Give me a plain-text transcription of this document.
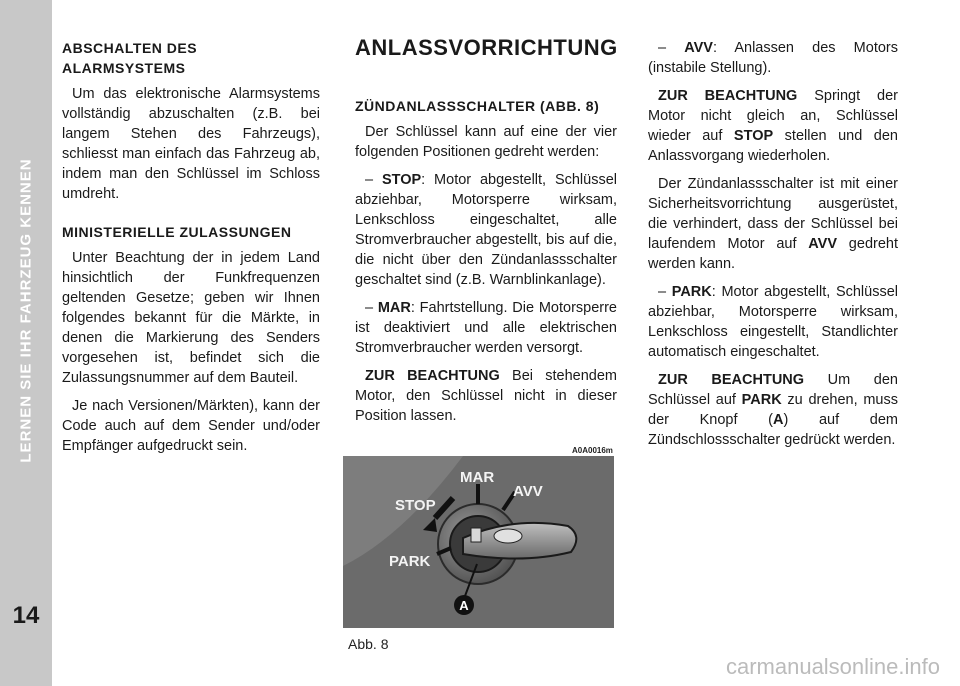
LERNEN SIE IHR FAHRZEUG KENNEN
14
ABSCHALTEN DES ALARMSYSTEMS

Um das elektronische Alarmsystems vollständig abzuschalten (z.B. bei langem Stehen des Fahrzeugs), schliesst man einfach das Fahrzeug ab, indem man den Schlüssel im Schloss umdreht.

MINISTERIELLE ZULASSUNGEN

Unter Beachtung der in jedem Land hinsichtlich der Funkfrequenzen geltenden Gesetze; geben wir Ihnen folgendes bekannt für die Märkte, in denen die Markierung des Senders vorgesehen ist, befindet sich die Zulassungsnummer auf dem Bauteil.

Je nach Versionen/Märkten), kann der Code auch auf dem Sender und/oder Empfänger aufgedruckt sein.

ANLASSVORRICHTUNG
ZÜNDANLASSSCHALTER (ABB. 8)

Der Schlüssel kann auf eine der vier folgenden Positionen gedreht werden:

– STOP: Motor abgestellt, Schlüssel abziehbar, Motorsperre wirksam, Lenkschloss eingeschaltet, alle Stromverbraucher abgestellt, bis auf die, die nicht über den Zündanlassschalter geschaltet sind (z.B. Warnblinkanlage).

– MAR: Fahrtstellung. Die Motorsperre ist deaktiviert und alle elektrischen Stromverbraucher werden versorgt.

ZUR BEACHTUNG Bei stehendem Motor, den Schlüssel nicht in dieser Position lassen.

– AVV: Anlassen des Motors (instabile Stellung).

ZUR BEACHTUNG Springt der Motor nicht gleich an, Schlüssel wieder auf STOP stellen und den Anlassvorgang wiederholen.

Der Zündanlassschalter ist mit einer Sicherheitsvorrichtung ausgerüstet, die verhindert, dass der Schlüssel bei laufendem Motor auf AVV gedreht werden kann.

– PARK: Motor abgestellt, Schlüssel abziehbar, Motorsperre wirksam, Lenkschloss eingestellt, Standlichter automatisch eingeschaltet.

ZUR BEACHTUNG Um den Schlüssel auf PARK zu drehen, muss der Knopf (A) auf dem Zündschlossschalter gedrückt werden.

A0A0016m
MAR
AVV
STOP
PARK
A
Abb. 8
carmanualsonline.info
